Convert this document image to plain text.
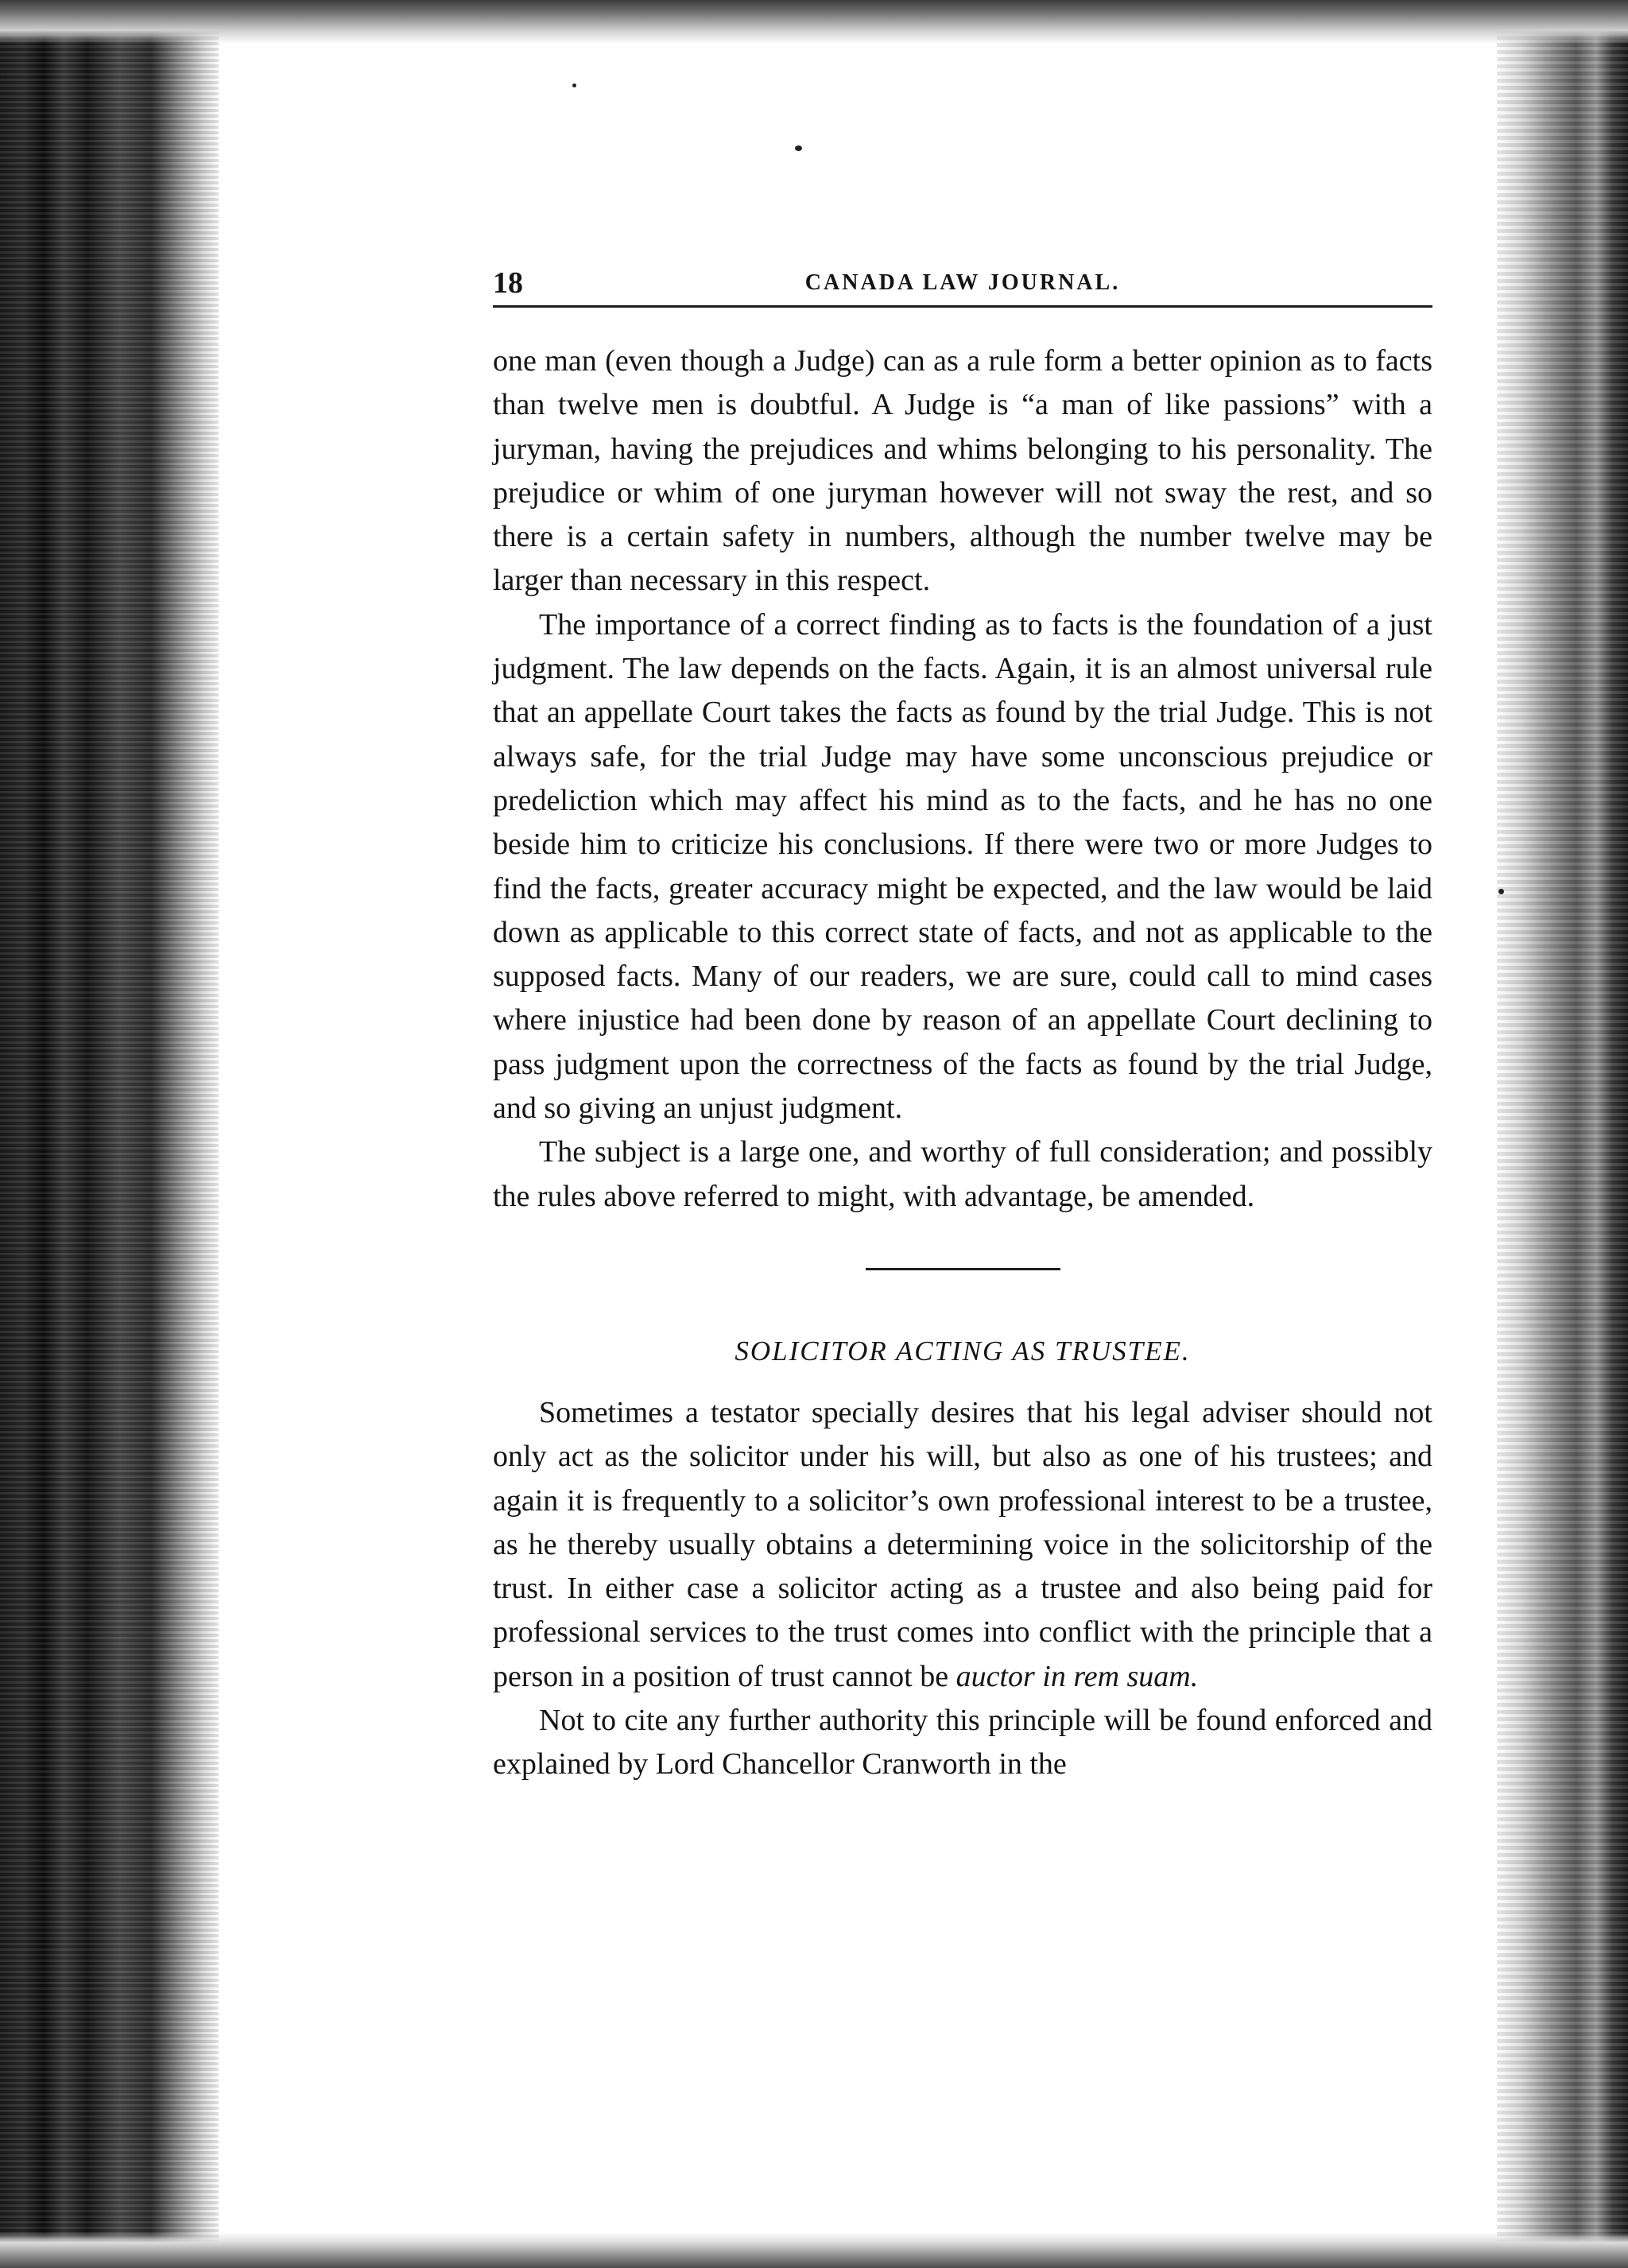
18	CANADA LAW JOURNAL.

one man (even though a Judge) can as a rule form a better opinion as to facts than twelve men is doubtful. A Judge is “a man of like passions” with a juryman, having the prejudices and whims belonging to his personality. The prejudice or whim of one juryman however will not sway the rest, and so there is a certain safety in numbers, although the number twelve may be larger than necessary in this respect.

The importance of a correct finding as to facts is the foundation of a just judgment. The law depends on the facts. Again, it is an almost universal rule that an appellate Court takes the facts as found by the trial Judge. This is not always safe, for the trial Judge may have some unconscious prejudice or predeliction which may affect his mind as to the facts, and he has no one beside him to criticize his conclusions. If there were two or more Judges to find the facts, greater accuracy might be expected, and the law would be laid down as applicable to this correct state of facts, and not as applicable to the supposed facts. Many of our readers, we are sure, could call to mind cases where injustice had been done by reason of an appellate Court declining to pass judgment upon the correctness of the facts as found by the trial Judge, and so giving an unjust judgment.

The subject is a large one, and worthy of full consideration; and possibly the rules above referred to might, with advantage, be amended.

SOLICITOR ACTING AS TRUSTEE.

Sometimes a testator specially desires that his legal adviser should not only act as the solicitor under his will, but also as one of his trustees; and again it is frequently to a solicitor’s own professional interest to be a trustee, as he thereby usually obtains a determining voice in the solicitorship of the trust. In either case a solicitor acting as a trustee and also being paid for professional services to the trust comes into conflict with the principle that a person in a position of trust cannot be auctor in rem suam.

Not to cite any further authority this principle will be found enforced and explained by Lord Chancellor Cranworth in the
